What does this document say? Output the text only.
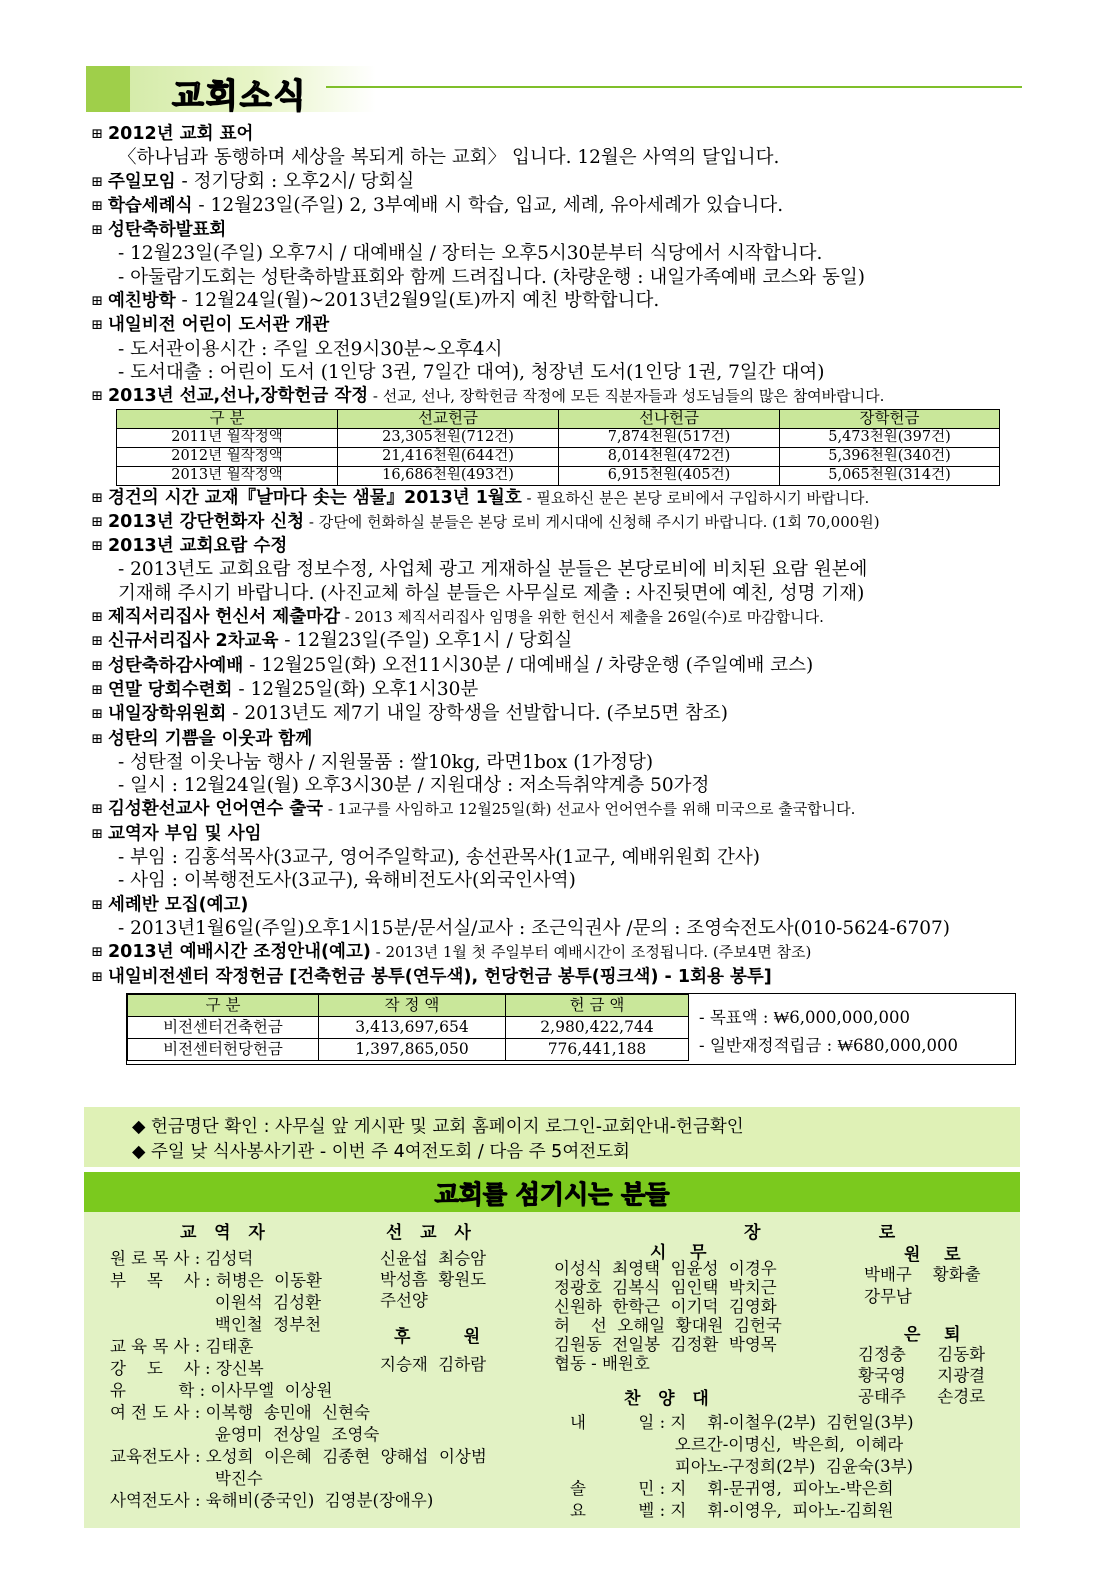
교회소식
⊞ 2012년 교회 표어
〈하나님과 동행하며 세상을 복되게 하는 교회〉 입니다. 12월은 사역의 달입니다.
⊞ 주일모임 - 정기당회 : 오후2시/ 당회실
⊞ 학습세례식 - 12월23일(주일) 2, 3부예배 시 학습, 입교, 세례, 유아세례가 있습니다.
⊞ 성탄축하발표회
- 12월23일(주일) 오후7시 / 대예배실 / 장터는 오후5시30분부터 식당에서 시작합니다.
- 아둘람기도회는 성탄축하발표회와 함께 드려집니다. (차량운행 : 내일가족예배 코스와 동일)
⊞ 예친방학 - 12월24일(월)~2013년2월9일(토)까지 예친 방학합니다.
⊞ 내일비전 어린이 도서관 개관
- 도서관이용시간 : 주일 오전9시30분~오후4시
- 도서대출 : 어린이 도서 (1인당 3권, 7일간 대여), 청장년 도서(1인당 1권, 7일간 대여)
⊞ 2013년 선교,선나,장학헌금 작정 - 선교, 선나, 장학헌금 작정에 모든 직분자들과 성도님들의 많은 참여바랍니다.
구 분	선교헌금	선나헌금	장학헌금
2011년 월작정액	23,305천원(712건)	7,874천원(517건)	5,473천원(397건)
2012년 월작정액	21,416천원(644건)	8,014천원(472건)	5,396천원(340건)
2013년 월작정액	16,686천원(493건)	6,915천원(405건)	5,065천원(314건)
⊞ 경건의 시간 교재『날마다 솟는 샘물』2013년 1월호 - 필요하신 분은 본당 로비에서 구입하시기 바랍니다.
⊞ 2013년 강단헌화자 신청 - 강단에 헌화하실 분들은 본당 로비 게시대에 신청해 주시기 바랍니다. (1회 70,000원)
⊞ 2013년 교회요람 수정
- 2013년도 교회요람 정보수정, 사업체 광고 게재하실 분들은 본당로비에 비치된 요람 원본에
기재해 주시기 바랍니다. (사진교체 하실 분들은 사무실로 제출 : 사진뒷면에 예친, 성명 기재)
⊞ 제직서리집사 헌신서 제출마감 - 2013 제직서리집사 임명을 위한 헌신서 제출을 26일(수)로 마감합니다.
⊞ 신규서리집사 2차교육 - 12월23일(주일) 오후1시 / 당회실
⊞ 성탄축하감사예배 - 12월25일(화) 오전11시30분 / 대예배실 / 차량운행 (주일예배 코스)
⊞ 연말 당회수련회 - 12월25일(화) 오후1시30분
⊞ 내일장학위원회 - 2013년도 제7기 내일 장학생을 선발합니다. (주보5면 참조)
⊞ 성탄의 기쁨을 이웃과 함께
- 성탄절 이웃나눔 행사 / 지원물품 : 쌀10kg, 라면1box (1가정당)
- 일시 : 12월24일(월) 오후3시30분 / 지원대상 : 저소득취약계층 50가정
⊞ 김성환선교사 언어연수 출국 - 1교구를 사임하고 12월25일(화) 선교사 언어연수를 위해 미국으로 출국합니다.
⊞ 교역자 부임 및 사임
- 부임 : 김홍석목사(3교구, 영어주일학교), 송선관목사(1교구, 예배위원회 간사)
- 사임 : 이복행전도사(3교구), 육해비전도사(외국인사역)
⊞ 세례반 모집(예고)
- 2013년1월6일(주일)오후1시15분/문서실/교사 : 조근익권사 /문의 : 조영숙전도사(010-5624-6707)
⊞ 2013년 예배시간 조정안내(예고) - 2013년 1월 첫 주일부터 예배시간이 조정됩니다. (주보4면 참조)
⊞ 내일비전센터 작정헌금 [건축헌금 봉투(연두색), 헌당헌금 봉투(핑크색) - 1회용 봉투]
구 분	작 정 액	헌 금 액
비전센터건축헌금	3,413,697,654	2,980,422,744
비전센터헌당헌금	1,397,865,050	776,441,188
- 목표액 : ₩6,000,000,000
- 일반재정적립금 : ₩680,000,000
◆ 헌금명단 확인 : 사무실 앞 게시판 및 교회 홈페이지 로그인-교회안내-헌금확인
◆ 주일 낮 식사봉사기관 - 이번 주 4여전도회 / 다음 주 5여전도회
교회를 섬기시는 분들
교   역   자
원 로 목 사 : 김성덕
부    목    사 : 허병은  이동환
이원석  김성환
백인철  정부천
교 육 목 사 : 김태훈
강    도    사 : 장신복
유          학 : 이사무엘  이상원
여 전 도 사 : 이복행  송민애  신현숙
윤영미  전상일  조영숙
교육전도사 : 오성희  이은혜  김종현  양해섭  이상범
박진수
사역전도사 : 육해비(중국인)  김영분(장애우)
선   교   사
신윤섭  최승암
박성흠  황원도
주선양
후         원
지승재  김하람
장                    로
시    무
이성식  최영택  임윤성  이경우
정광호  김복식  임인택  박치근
신원하  한학근  이기덕  김영화
허    선  오해일  황대원  김헌국
김원동  전일봉  김정환  박영목
협동 - 배원호
원    로
박배구    황화출
강무남
은    퇴
김정충      김동화
황국영      지광결
공태주      손경로
찬   양   대
내          일 : 지    휘-이철우(2부)  김헌일(3부)
오르간-이명신,  박은희,  이혜라
피아노-구정희(2부)  김윤숙(3부)
솔          민 : 지    휘-문귀영,  피아노-박은희
요          벨 : 지    휘-이영우,  피아노-김희원
